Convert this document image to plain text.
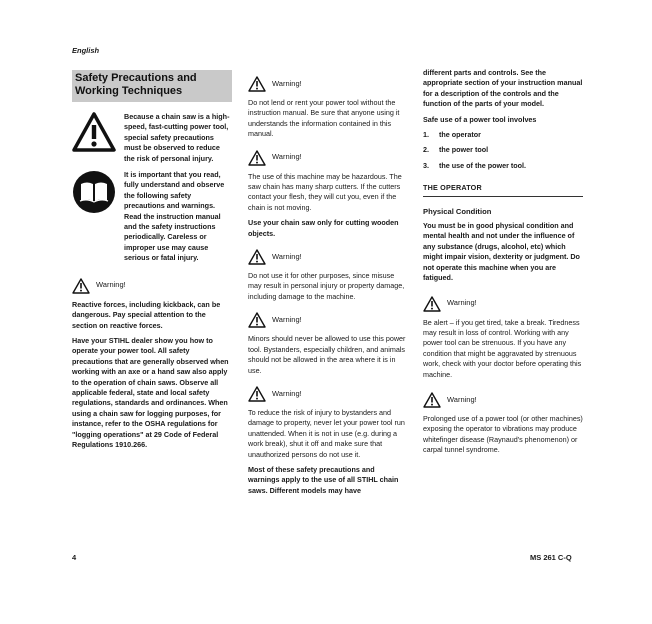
English
Safety Precautions and Working Techniques
Because a chain saw is a high-speed, fast-cutting power tool, special safety precautions must be observed to reduce the risk of personal injury.
It is important that you read, fully understand and observe the following safety precautions and warnings. Read the instruction manual and the safety instructions periodically. Careless or improper use may cause serious or fatal injury.
Warning!

Reactive forces, including kickback, can be dangerous. Pay special attention to the section on reactive forces.

Have your STIHL dealer show you how to operate your power tool. All safety precautions that are generally observed when working with an axe or a hand saw also apply to the operation of chain saws. Observe all applicable federal, state and local safety regulations, standards and ordinances. When using a chain saw for logging purposes, for instance, refer to the OSHA regulations for "logging operations" at 29 Code of Federal Regulations 1910.266.

Warning!

Do not lend or rent your power tool without the instruction manual. Be sure that anyone using it understands the information contained in this manual.

Warning!

The use of this machine may be hazardous. The saw chain has many sharp cutters. If the cutters contact your flesh, they will cut you, even if the chain is not moving.

Use your chain saw only for cutting wooden objects.

Warning!

Do not use it for other purposes, since misuse may result in personal injury or property damage, including damage to the machine.

Warning!

Minors should never be allowed to use this power tool. Bystanders, especially children, and animals should not be allowed in the area where it is in use.

Warning!

To reduce the risk of injury to bystanders and damage to property, never let your power tool run unattended. When it is not in use (e.g. during a work break), shut it off and make sure that unauthorized persons do not use it.

Most of these safety precautions and warnings apply to the use of all STIHL chain saws. Different models may have

different parts and controls. See the appropriate section of your instruction manual for a description of the controls and the function of the parts of your model.

Safe use of a power tool involves

1.	the operator
2.	the power tool
3.	the use of the power tool.
THE OPERATOR
Physical Condition

You must be in good physical condition and mental health and not under the influence of any substance (drugs, alcohol, etc) which might impair vision, dexterity or judgment. Do not operate this machine when you are fatigued.

Warning!

Be alert – if you get tired, take a break. Tiredness may result in loss of control. Working with any power tool can be strenuous. If you have any condition that might be aggravated by strenuous work, check with your doctor before operating this machine.

Warning!

Prolonged use of a power tool (or other machines) exposing the operator to vibrations may produce whitefinger disease (Raynaud's phenomenon) or carpal tunnel syndrome.

4	MS 261 C-Q
